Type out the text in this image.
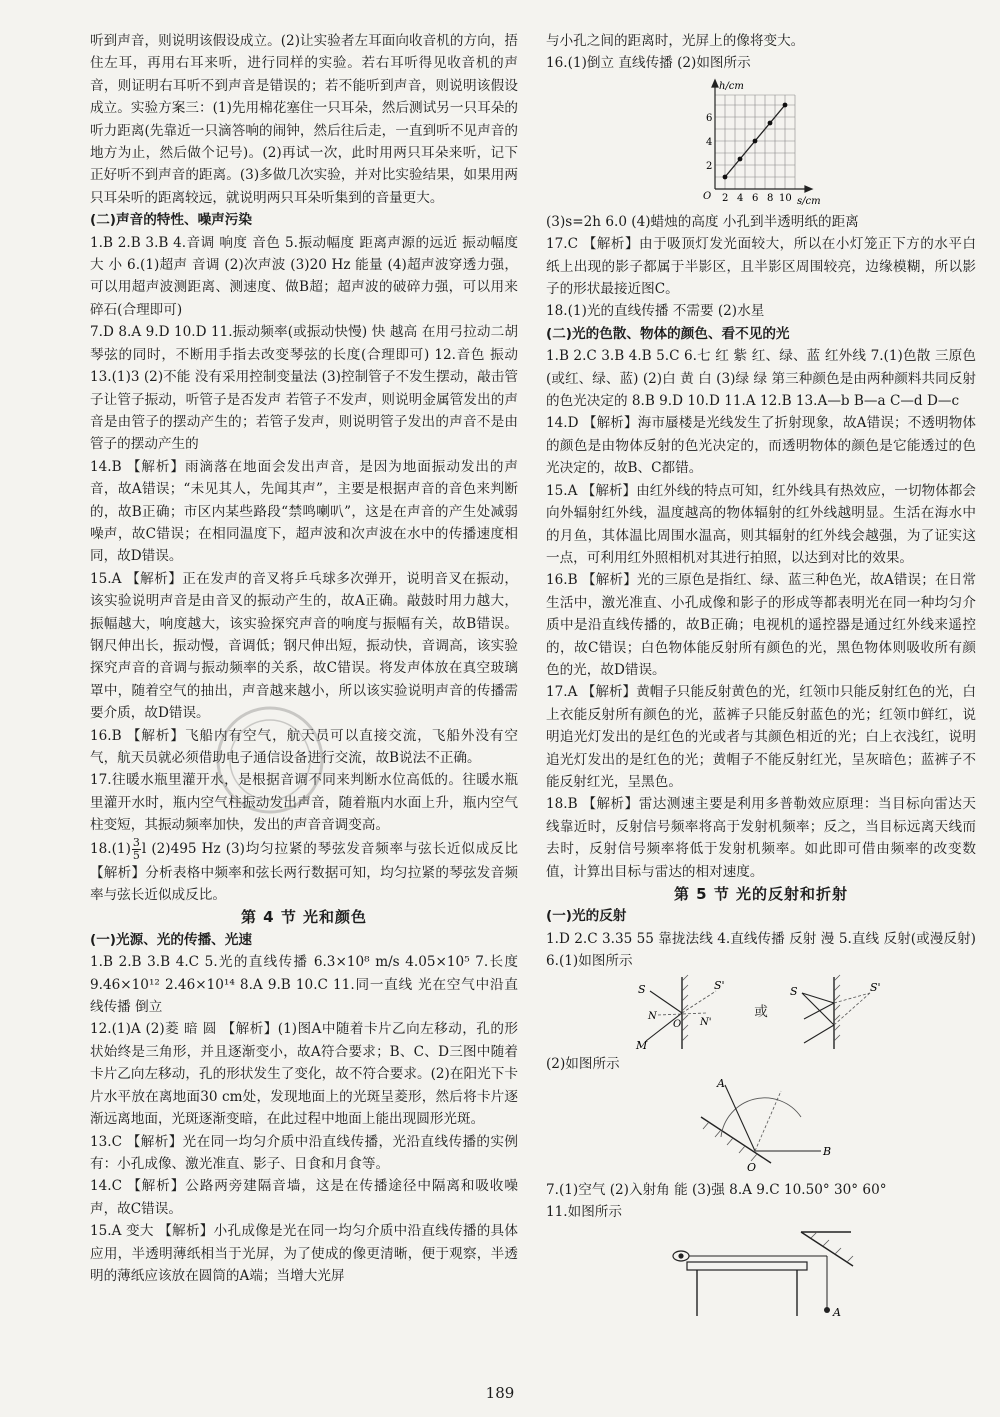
听到声音，则说明该假设成立。(2)让实验者左耳面向收音机的方向，捂住左耳，再用右耳来听，进行同样的实验。若右耳听得见收音机的声音，则证明右耳听不到声音是错误的；若不能听到声音，则说明该假设成立。实验方案三：(1)先用棉花塞住一只耳朵，然后测试另一只耳朵的听力距离(先靠近一只滴答响的闹钟，然后往后走，一直到听不见声音的地方为止，然后做个记号)。(2)再试一次，此时用两只耳朵来听，记下正好听不到声音的距离。(3)多做几次实验，并对比实验结果，如果用两只耳朵听的距离较远，就说明两只耳朵听集到的音量更大。

(二)声音的特性、噪声污染

1.B 2.B 3.B 4.音调 响度 音色 5.振动幅度 距离声源的远近 振动幅度 大 小 6.(1)超声 音调 (2)次声波 (3)20 Hz 能量 (4)超声波穿透力强，可以用超声波测距离、测速度、做B超；超声波的破碎力强，可以用来碎石(合理即可)

7.D 8.A 9.D 10.D 11.振动频率(或振动快慢) 快 越高 在用弓拉动二胡琴弦的同时，不断用手指去改变琴弦的长度(合理即可) 12.音色 振动 13.(1)3 (2)不能 没有采用控制变量法 (3)控制管子不发生摆动，敲击管子让管子振动，听管子是否发声 若管子不发声，则说明金属管发出的声音是由管子的摆动产生的；若管子发声，则说明管子发出的声音不是由管子的摆动产生的

14.B 【解析】雨滴落在地面会发出声音，是因为地面振动发出的声音，故A错误；“未见其人，先闻其声”，主要是根据声音的音色来判断的，故B正确；市区内某些路段“禁鸣喇叭”，这是在声音的产生处减弱噪声，故C错误；在相同温度下，超声波和次声波在水中的传播速度相同，故D错误。

15.A 【解析】正在发声的音叉将乒乓球多次弹开，说明音叉在振动，该实验说明声音是由音叉的振动产生的，故A正确。敲鼓时用力越大，振幅越大，响度越大，该实验探究声音的响度与振幅有关，故B错误。钢尺伸出长，振动慢，音调低；钢尺伸出短，振动快，音调高，该实验探究声音的音调与振动频率的关系，故C错误。将发声体放在真空玻璃罩中，随着空气的抽出，声音越来越小，所以该实验说明声音的传播需要介质，故D错误。

16.B 【解析】飞船内有空气，航天员可以直接交流，飞船外没有空气，航天员就必须借助电子通信设备进行交流，故B说法不正确。

17.往暖水瓶里灌开水，是根据音调不同来判断水位高低的。往暖水瓶里灌开水时，瓶内空气柱振动发出声音，随着瓶内水面上升，瓶内空气柱变短，其振动频率加快，发出的声音音调变高。

$18.(1) \frac{3}{5}$ l (2)495 Hz (3)均匀拉紧的琴弦发音频率与弦长近似成反比 【解析】分析表格中频率和弦长两行数据可知，均匀拉紧的琴弦发音频率与弦长近似成反比。

第 4 节 光和颜色

(一)光源、光的传播、光速

1.B 2.B 3.B 4.C 5.光的直线传播 6.3×10⁸ m/s 4.05×10⁵ 7.长度 9.46×10¹² 2.46×10¹⁴ 8.A 9.B 10.C 11.同一直线 光在空气中沿直线传播 倒立

12.(1)A (2)菱 暗 圆 【解析】(1)图A中随着卡片乙向左移动，孔的形状始终是三角形，并且逐渐变小，故A符合要求；B、C、D三图中随着卡片乙向左移动，孔的形状发生了变化，故不符合要求。(2)在阳光下卡片水平放在离地面30 cm处，发现地面上的光斑呈菱形，然后将卡片逐渐远离地面，光斑逐渐变暗，在此过程中地面上能出现圆形光斑。

13.C 【解析】光在同一均匀介质中沿直线传播，光沿直线传播的实例有：小孔成像、激光准直、影子、日食和月食等。

14.C 【解析】公路两旁建隔音墙，这是在传播途径中隔离和吸收噪声，故C错误。

15.A 变大 【解析】小孔成像是光在同一均匀介质中沿直线传播的具体应用，半透明薄纸相当于光屏，为了使成的像更清晰，便于观察，半透明的薄纸应该放在圆筒的A端；当增大光屏

与小孔之间的距离时，光屏上的像将变大。

16.(1)倒立 直线传播 (2)如图所示

h/cm
s/cm
O
2
4
6
2 4 6 8 10

(3)s=2h 6.0 (4)蜡烛的高度 小孔到半透明纸的距离

17.C 【解析】由于吸顶灯发光面较大，所以在小灯笼正下方的水平白纸上出现的影子都属于半影区，且半影区周围较亮，边缘模糊，所以影子的形状最接近图C。

18.(1)光的直线传播 不需要 (2)水星

(二)光的色散、物体的颜色、看不见的光

1.B 2.C 3.B 4.B 5.C 6.七 红 紫 红、绿、蓝 红外线 7.(1)色散 三原色(或红、绿、蓝) (2)白 黄 白 (3)绿 绿 第三种颜色是由两种颜料共同反射的色光决定的 8.B 9.D 10.D 11.A 12.B 13.A—b B—a C—d D—c

14.D 【解析】海市蜃楼是光线发生了折射现象，故A错误；不透明物体的颜色是由物体反射的色光决定的，而透明物体的颜色是它能透过的色光决定的，故B、C都错。

15.A 【解析】由红外线的特点可知，红外线具有热效应，一切物体都会向外辐射红外线，温度越高的物体辐射的红外线越明显。生活在海水中的月鱼，其体温比周围水温高，则其辐射的红外线会越强，为了证实这一点，可利用红外照相机对其进行拍照，以达到对比的效果。

16.B 【解析】光的三原色是指红、绿、蓝三种色光，故A错误；在日常生活中，激光准直、小孔成像和影子的形成等都表明光在同一种均匀介质中是沿直线传播的，故B正确；电视机的遥控器是通过红外线来遥控的，故C错误；白色物体能反射所有颜色的光，黑色物体则吸收所有颜色的光，故D错误。

17.A 【解析】黄帽子只能反射黄色的光，红领巾只能反射红色的光，白上衣能反射所有颜色的光，蓝裤子只能反射蓝色的光；红领巾鲜红，说明追光灯发出的是红色的光或者与其颜色相近的光；白上衣浅红，说明追光灯发出的是红色的光；黄帽子不能反射红光，呈灰暗色；蓝裤子不能反射红光，呈黑色。

18.B 【解析】雷达测速主要是利用多普勒效应原理：当目标向雷达天线靠近时，反射信号频率将高于发射机频率；反之，当目标远离天线而去时，反射信号频率将低于发射机频率。如此即可借由频率的改变数值，计算出目标与雷达的相对速度。

第 5 节 光的反射和折射

(一)光的反射

1.D 2.C 3.35 55 靠拢法线 4.直线传播 反射 漫 5.直线 反射(或漫反射) 6.(1)如图所示

S	S'
N
O N'
M
或
S	S'

(2)如图所示

A
O
B

7.(1)空气 (2)入射角 能 (3)强 8.A 9.C 10.50° 30° 60°

11.如图所示

A
189
